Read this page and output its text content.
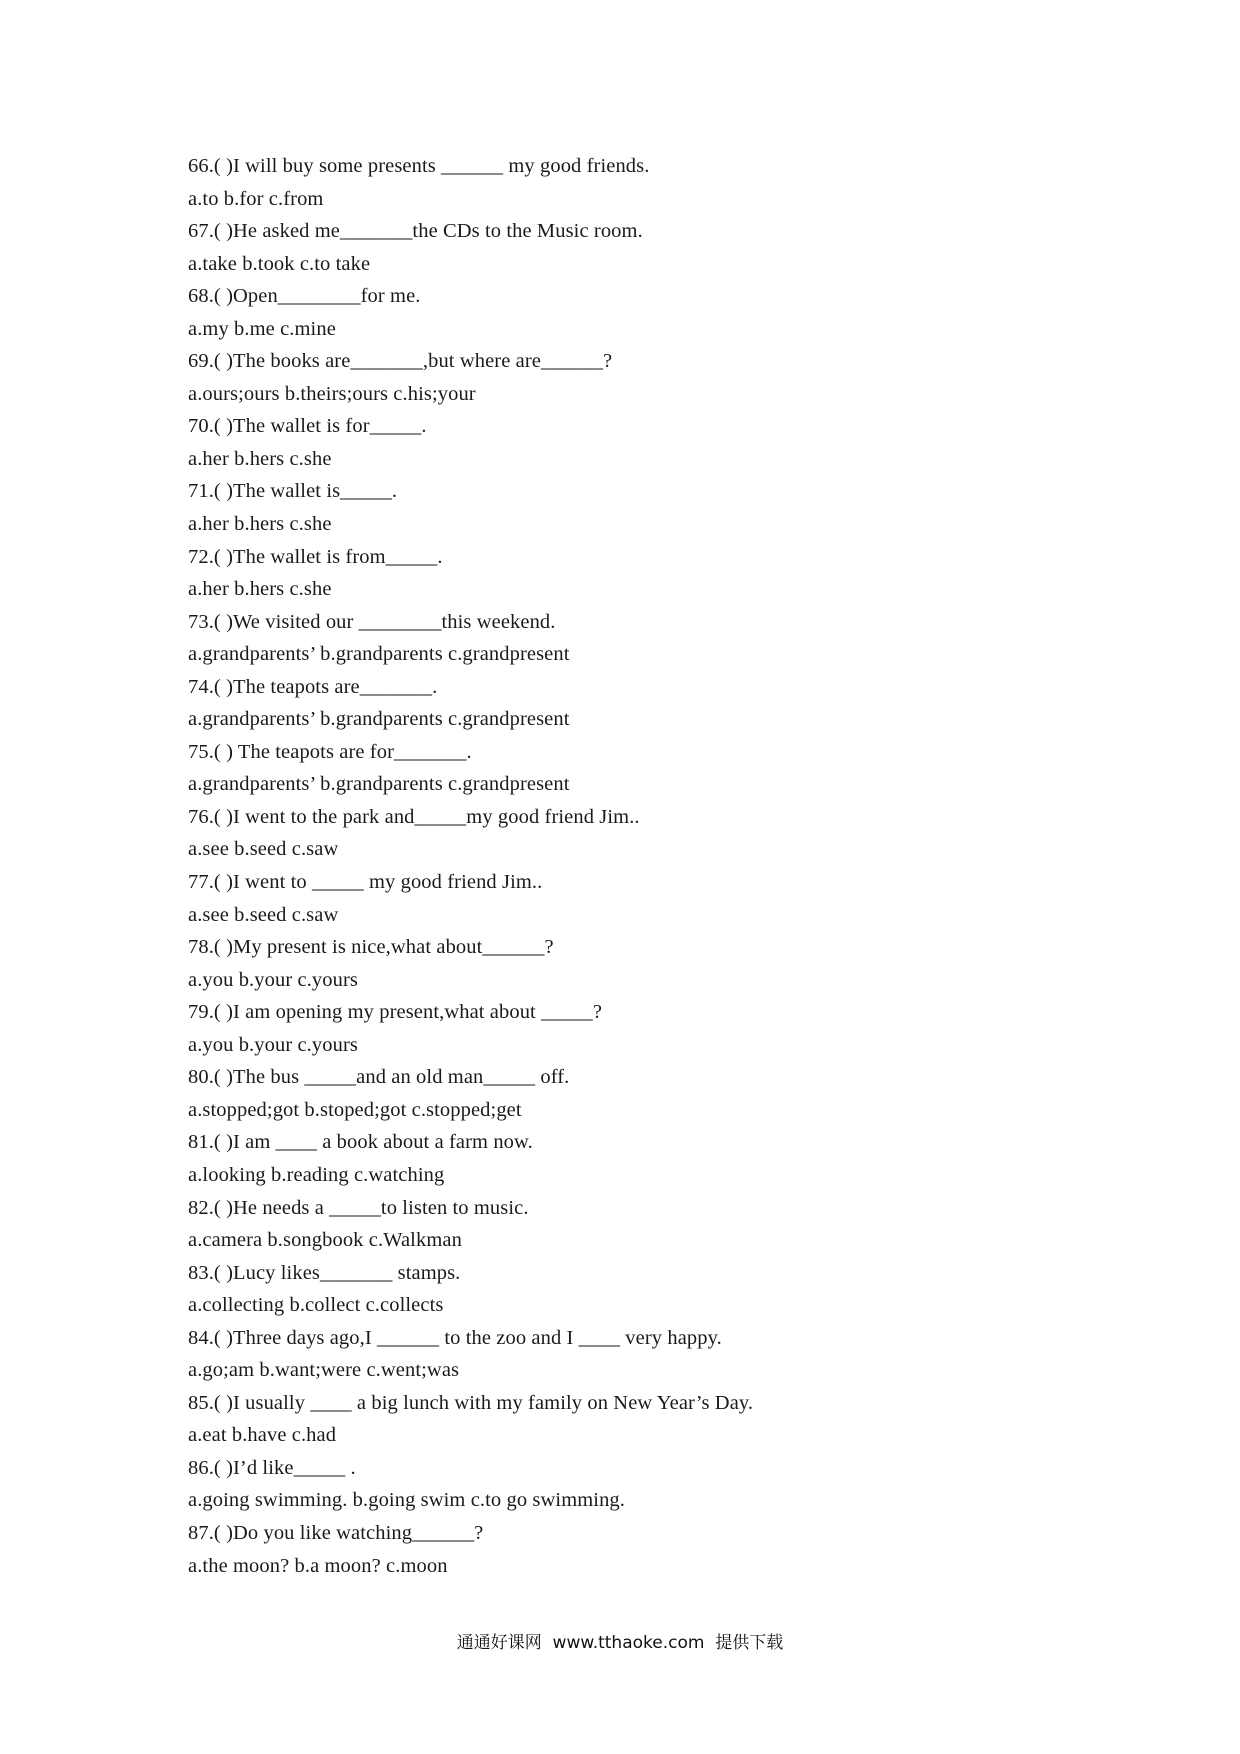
66.( )I will buy some presents ______ my good friends.
a.to b.for c.from
67.( )He asked me_______the CDs to the Music room.
a.take b.took c.to take
68.( )Open________for me.
a.my b.me c.mine
69.( )The books are_______,but where are______?
a.ours;ours b.theirs;ours c.his;your
70.( )The wallet is for_____.
a.her b.hers c.she
71.( )The wallet is_____.
a.her b.hers c.she
72.( )The wallet is from_____.
a.her b.hers c.she
73.( )We visited our ________this weekend.
a.grandparents’ b.grandparents c.grandpresent
74.( )The teapots are_______.
a.grandparents’ b.grandparents c.grandpresent
75.( ) The teapots are for_______.
a.grandparents’ b.grandparents c.grandpresent
76.( )I went to the park and_____my good friend Jim..
a.see b.seed c.saw
77.( )I went to _____ my good friend Jim..
a.see b.seed c.saw
78.( )My present is nice,what about______?
a.you b.your c.yours
79.( )I am opening my present,what about _____?
a.you b.your c.yours
80.( )The bus _____and an old man_____ off.
a.stopped;got b.stoped;got c.stopped;get
81.( )I am ____ a book about a farm now.
a.looking b.reading c.watching
82.( )He needs a _____to listen to music.
a.camera b.songbook c.Walkman
83.( )Lucy likes_______ stamps.
a.collecting b.collect c.collects
84.( )Three days ago,I ______ to the zoo and I ____ very happy.
a.go;am b.want;were c.went;was
85.( )I usually ____ a big lunch with my family on New Year’s Day.
a.eat b.have c.had
86.( )I’d like_____ .
a.going swimming. b.going swim c.to go swimming.
87.( )Do you like watching______?
a.the moon? b.a moon? c.moon
通通好课网  www.tthaoke.com  提供下载
